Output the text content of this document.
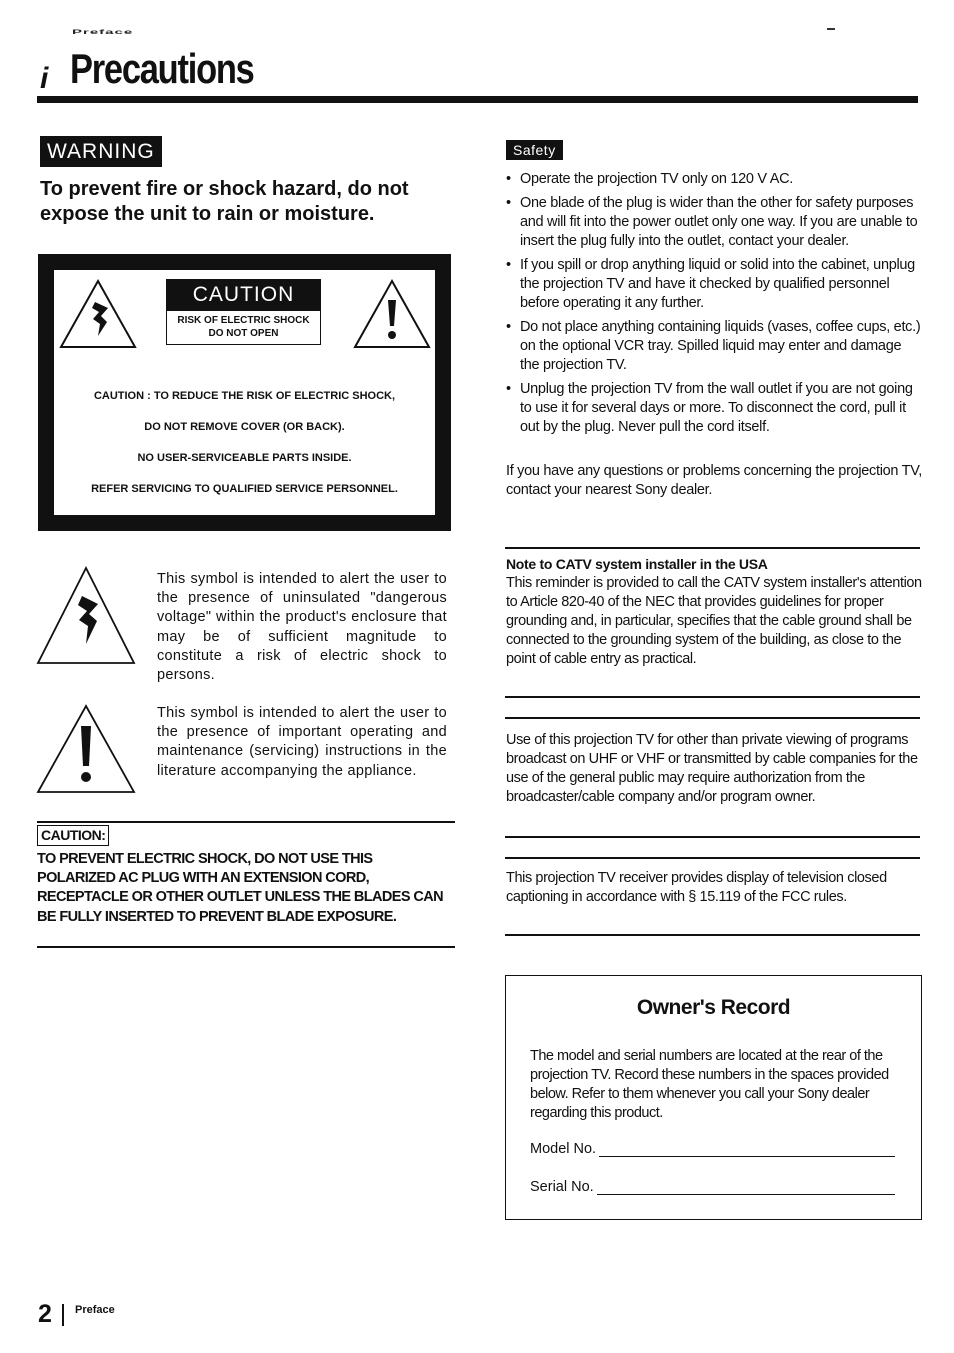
Preface
i Precautions
WARNING
To prevent fire or shock hazard, do not expose the unit to rain or moisture.
CAUTION
RISK OF ELECTRIC SHOCK
DO NOT OPEN
CAUTION : TO REDUCE THE RISK OF ELECTRIC SHOCK,
DO NOT REMOVE COVER (OR BACK).
NO USER-SERVICEABLE PARTS INSIDE.
REFER SERVICING TO QUALIFIED SERVICE PERSONNEL.
This symbol is intended to alert the user to the presence of uninsulated "dangerous voltage" within the product's enclosure that may be of sufficient magnitude to constitute a risk of electric shock to persons.
This symbol is intended to alert the user to the presence of important operating and maintenance (servicing) instructions in the literature accompanying the appliance.
CAUTION:
TO PREVENT ELECTRIC SHOCK, DO NOT USE THIS POLARIZED AC PLUG WITH AN EXTENSION CORD, RECEPTACLE OR OTHER OUTLET UNLESS THE BLADES CAN BE FULLY INSERTED TO PREVENT BLADE EXPOSURE.
Safety
• Operate the projection TV only on 120 V AC.
• One blade of the plug is wider than the other for safety purposes and will fit into the power outlet only one way. If you are unable to insert the plug fully into the outlet, contact your dealer.
• If you spill or drop anything liquid or solid into the cabinet, unplug the projection TV and have it checked by qualified personnel before operating it any further.
• Do not place anything containing liquids (vases, coffee cups, etc.) on the optional VCR tray. Spilled liquid may enter and damage the projection TV.
• Unplug the projection TV from the wall outlet if you are not going to use it for several days or more. To disconnect the cord, pull it out by the plug. Never pull the cord itself.
If you have any questions or problems concerning the projection TV, contact your nearest Sony dealer.
Note to CATV system installer in the USA
This reminder is provided to call the CATV system installer's attention to Article 820-40 of the NEC that provides guidelines for proper grounding and, in particular, specifies that the cable ground shall be connected to the grounding system of the building, as close to the point of cable entry as practical.
Use of this projection TV for other than private viewing of programs broadcast on UHF or VHF or transmitted by cable companies for the use of the general public may require authorization from the broadcaster/cable company and/or program owner.
This projection TV receiver provides display of television closed captioning in accordance with § 15.119 of the FCC rules.
Owner's Record
The model and serial numbers are located at the rear of the projection TV. Record these numbers in the spaces provided below. Refer to them whenever you call your Sony dealer regarding this product.
Model No.
Serial No.
2 Preface
